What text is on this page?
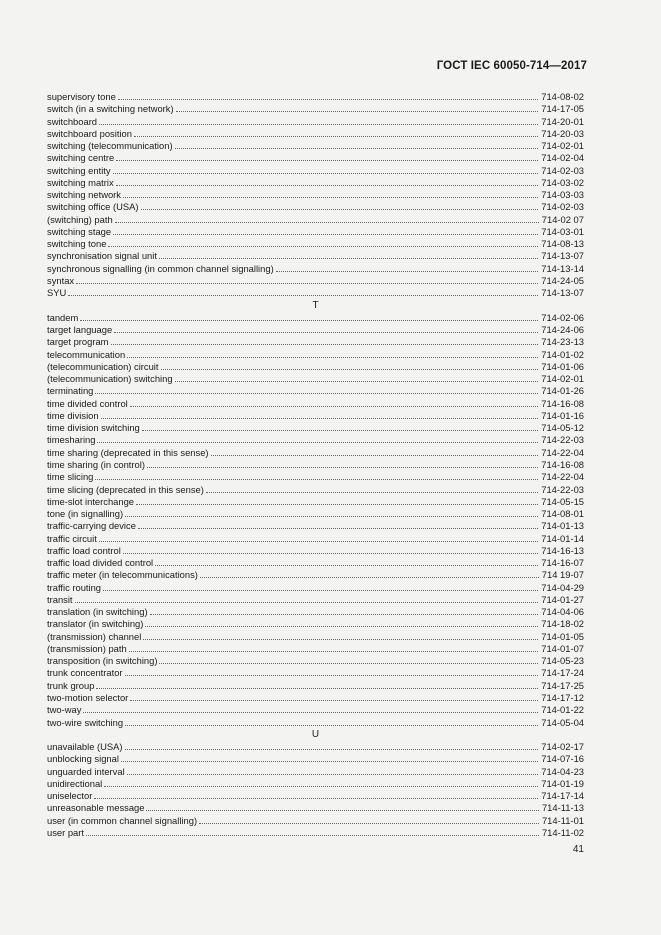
ГОСТ IEC 60050-714—2017
supervisory tone	714-08-02
switch (in a switching network)	714-17-05
switchboard	714-20-01
switchboard position	714-20-03
switching (telecommunication)	714-02-01
switching centre	714-02-04
switching entity	714-02-03
switching matrix	714-03-02
switching network	714-03-03
switching office (USA)	714-02-03
(switching) path	714-02 07
switching stage	714-03-01
switching tone	714-08-13
synchronisation signal unit	714-13-07
synchronous signalling (in common channel signalling)	714-13-14
syntax	714-24-05
SYU	714-13-07
T
tandem	714-02-06
target language	714-24-06
target program	714-23-13
telecommunication	714-01-02
(telecommunication) circuit	714-01-06
(telecommunication) switching	714-02-01
terminating	714-01-26
time divided control	714-16-08
time division	714-01-16
time division switching	714-05-12
timesharing	714-22-03
time sharing (deprecated in this sense)	714-22-04
time sharing (in control)	714-16-08
time slicing	714-22-04
time slicing (deprecated in this sense)	714-22-03
time-slot interchange	714-05-15
tone (in signalling)	714-08-01
traffic-carrying device	714-01-13
traffic circuit	714-01-14
traffic load control	714-16-13
traffic load divided control	714-16-07
traffic meter (in telecommunications)	714 19-07
traffic routing	714-04-29
transit	714-01-27
translation (in switching)	714-04-06
translator (in switching)	714-18-02
(transmission) channel	714-01-05
(transmission) path	714-01-07
transposition (in switching)	714-05-23
trunk concentrator	714-17-24
trunk group	714-17-25
two-motion selector	714-17-12
two-way	714-01-22
two-wire switching	714-05-04
U
unavailable (USA)	714-02-17
unblocking signal	714-07-16
unguarded interval	714-04-23
unidirectional	714-01-19
uniselector	714-17-14
unreasonable message	714-11-13
user (in common channel signalling)	714-11-01
user part	714-11-02
41
